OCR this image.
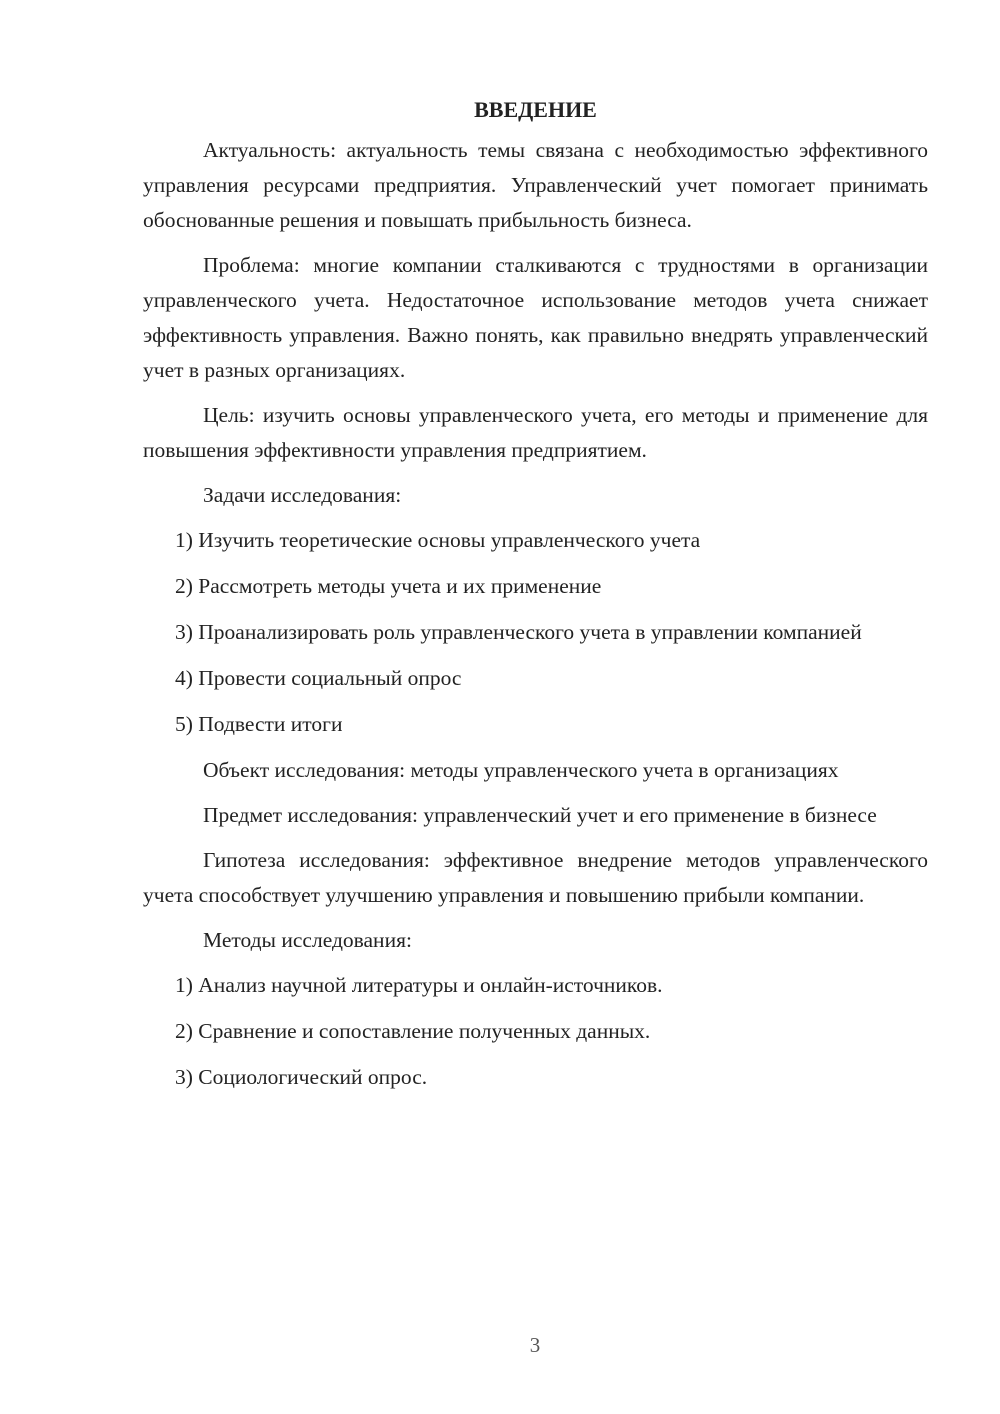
ВВЕДЕНИЕ

Актуальность: актуальность темы связана с необходимостью эффективного управления ресурсами предприятия. Управленческий учет помогает принимать обоснованные решения и повышать прибыльность бизнеса.

Проблема: многие компании сталкиваются с трудностями в организации управленческого учета. Недостаточное использование методов учета снижает эффективность управления. Важно понять, как правильно внедрять управленческий учет в разных организациях.

Цель: изучить основы управленческого учета, его методы и применение для повышения эффективности управления предприятием.

Задачи исследования:

1) Изучить теоретические основы управленческого учета

2) Рассмотреть методы учета и их применение

3) Проанализировать роль управленческого учета в управлении компанией

4) Провести социальный опрос

5) Подвести итоги

Объект исследования: методы управленческого учета в организациях

Предмет исследования: управленческий учет и его применение в бизнесе

Гипотеза исследования: эффективное внедрение методов управленческого учета способствует улучшению управления и повышению прибыли компании.

Методы исследования:

1) Анализ научной литературы и онлайн-источников.

2) Сравнение и сопоставление полученных данных.

3) Социологический опрос.

3
